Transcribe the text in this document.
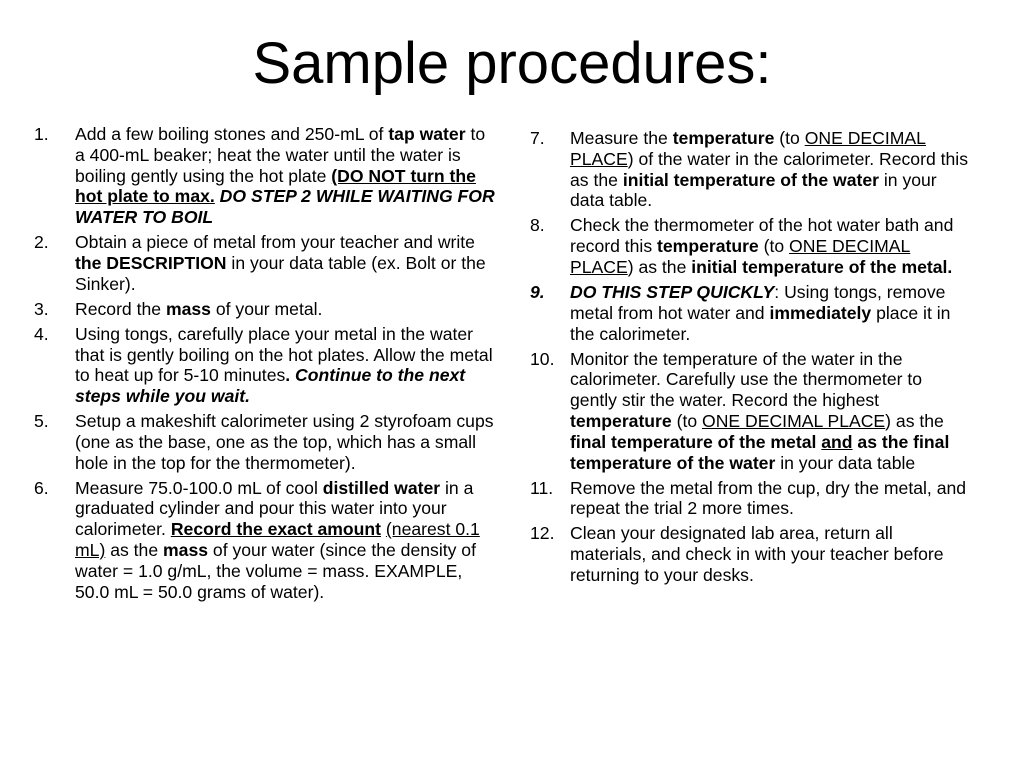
Sample procedures:
1. Add a few boiling stones and 250-mL of tap water to a 400-mL beaker; heat the water until the water is boiling gently using the hot plate (DO NOT turn the hot plate to max. DO STEP 2 WHILE WAITING FOR WATER TO BOIL
2. Obtain a piece of metal from your teacher and write the DESCRIPTION in your data table (ex. Bolt or the Sinker).
3. Record the mass of your metal.
4. Using tongs, carefully place your metal in the water that is gently boiling on the hot plates. Allow the metal to heat up for 5-10 minutes. Continue to the next steps while you wait.
5. Setup a makeshift calorimeter using 2 styrofoam cups (one as the base, one as the top, which has a small hole in the top for the thermometer).
6. Measure 75.0-100.0 mL of cool distilled water in a graduated cylinder and pour this water into your calorimeter. Record the exact amount (nearest 0.1 mL) as the mass of your water (since the density of water = 1.0 g/mL, the volume = mass. EXAMPLE, 50.0 mL = 50.0 grams of water).
7. Measure the temperature (to ONE DECIMAL PLACE) of the water in the calorimeter. Record this as the initial temperature of the water in your data table.
8. Check the thermometer of the hot water bath and record this temperature (to ONE DECIMAL PLACE) as the initial temperature of the metal.
9. DO THIS STEP QUICKLY: Using tongs, remove metal from hot water and immediately place it in the calorimeter.
10. Monitor the temperature of the water in the calorimeter. Carefully use the thermometer to gently stir the water. Record the highest temperature (to ONE DECIMAL PLACE) as the final temperature of the metal and as the final temperature of the water in your data table
11. Remove the metal from the cup, dry the metal, and repeat the trial 2 more times.
12. Clean your designated lab area, return all materials, and check in with your teacher before returning to your desks.
